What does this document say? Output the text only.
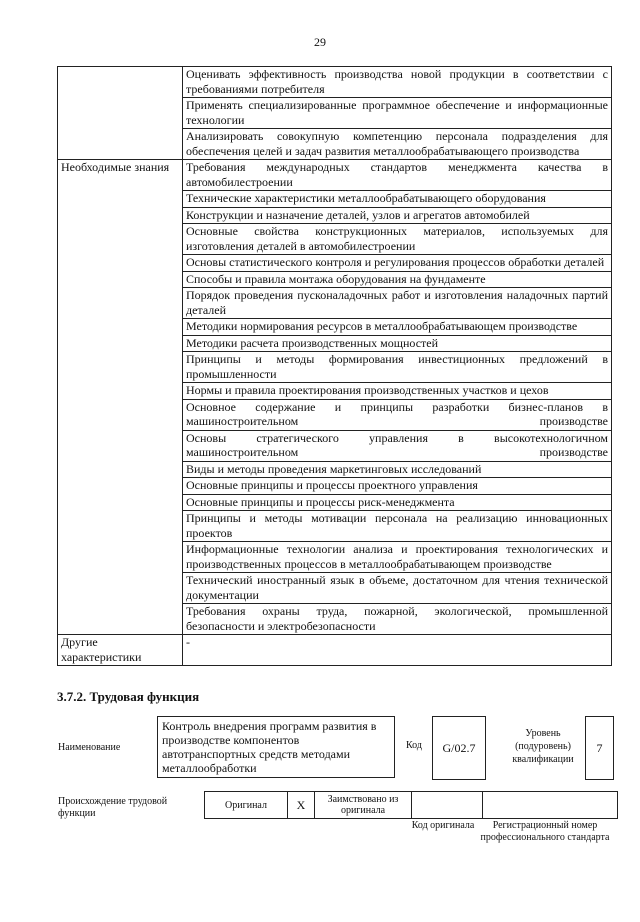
29
	Оценивать эффективность производства новой продукции в соответствии с требованиями потребителя
	Применять специализированные программное обеспечение и информационные технологии
	Анализировать совокупную компетенцию персонала подразделения для обеспечения целей и задач развития металлообрабатывающего производства
Необходимые знания	Требования международных стандартов менеджмента качества в автомобилестроении
	Технические характеристики металлообрабатывающего оборудования
	Конструкции и назначение деталей, узлов и агрегатов автомобилей
	Основные свойства конструкционных материалов, используемых для изготовления деталей в автомобилестроении
	Основы статистического контроля и регулирования процессов обработки деталей
	Способы и правила монтажа оборудования на фундаменте
	Порядок проведения пусконаладочных работ и изготовления наладочных партий деталей
	Методики нормирования ресурсов в металлообрабатывающем производстве
	Методики расчета производственных мощностей
	Принципы и методы формирования инвестиционных предложений в промышленности
	Нормы и правила проектирования производственных участков и цехов
	Основное содержание и принципы разработки бизнес-планов в машиностроительном производстве
	Основы стратегического управления в высокотехнологичном машиностроительном производстве
	Виды и методы проведения маркетинговых исследований
	Основные принципы и процессы проектного управления
	Основные принципы и процессы риск-менеджмента
	Принципы и методы мотивации персонала на реализацию инновационных проектов
	Информационные технологии анализа и проектирования технологических и производственных процессов в металлообрабатывающем производстве
	Технический иностранный язык в объеме, достаточном для чтения технической документации
	Требования охраны труда, пожарной, экологической, промышленной безопасности и электробезопасности
Другие характеристики	-
3.7.2. Трудовая функция
Наименование
Контроль внедрения программ развития в производстве компонентов автотранспортных средств методами металлообработки
Код	G/02.7
Уровень (подуровень) квалификации
7
Происхождение трудовой функции
Оригинал	X	Заимствовано из оригинала		
Код оригинала	Регистрационный номер профессионального стандарта
